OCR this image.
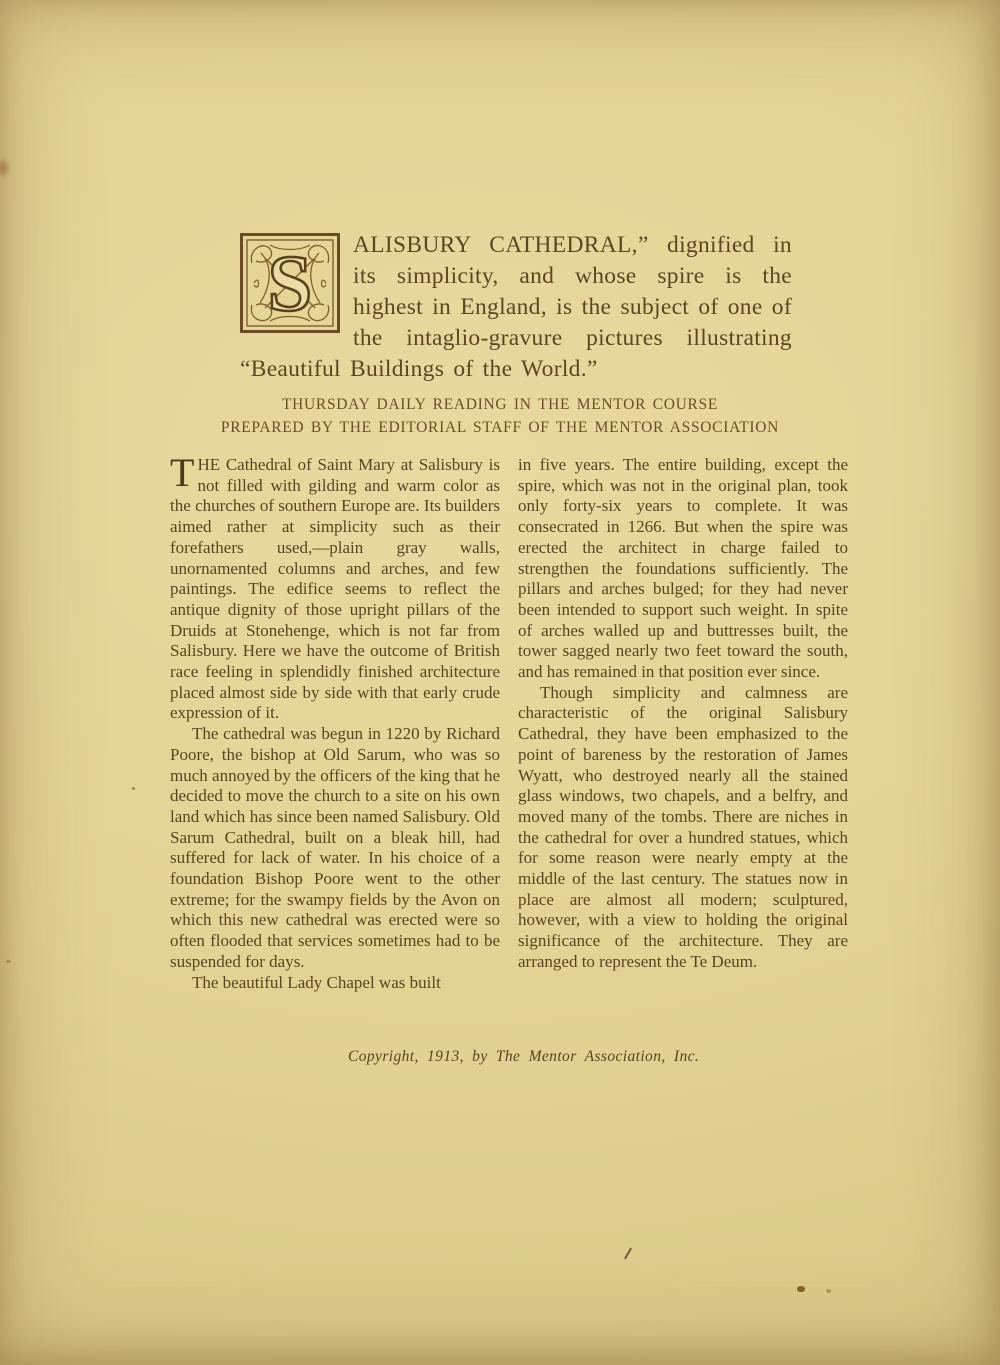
S ALISBURY CATHEDRAL,” dignified in its simplicity, and whose spire is the highest in England, is the subject of one of the intaglio-gravure pictures illustrating “Beautiful Buildings of the World.”
THURSDAY DAILY READING IN THE MENTOR COURSE
PREPARED BY THE EDITORIAL STAFF OF THE MENTOR ASSOCIATION

THE Cathedral of Saint Mary at Salisbury is not filled with gilding and warm color as the churches of southern Europe are. Its builders aimed rather at simplicity such as their forefathers used,—plain gray walls, unornamented columns and arches, and few paintings. The edifice seems to reflect the antique dignity of those upright pillars of the Druids at Stonehenge, which is not far from Salisbury. Here we have the outcome of British race feeling in splendidly finished architecture placed almost side by side with that early crude expression of it.

The cathedral was begun in 1220 by Richard Poore, the bishop at Old Sarum, who was so much annoyed by the officers of the king that he decided to move the church to a site on his own land which has since been named Salisbury. Old Sarum Cathedral, built on a bleak hill, had suffered for lack of water. In his choice of a foundation Bishop Poore went to the other extreme; for the swampy fields by the Avon on which this new cathedral was erected were so often flooded that services sometimes had to be suspended for days.

The beautiful Lady Chapel was built

in five years. The entire building, except the spire, which was not in the original plan, took only forty-six years to complete. It was consecrated in 1266. But when the spire was erected the architect in charge failed to strengthen the foundations sufficiently. The pillars and arches bulged; for they had never been intended to support such weight. In spite of arches walled up and buttresses built, the tower sagged nearly two feet toward the south, and has remained in that position ever since.

Though simplicity and calmness are characteristic of the original Salisbury Cathedral, they have been emphasized to the point of bareness by the restoration of James Wyatt, who destroyed nearly all the stained glass windows, two chapels, and a belfry, and moved many of the tombs. There are niches in the cathedral for over a hundred statues, which for some reason were nearly empty at the middle of the last century. The statues now in place are almost all modern; sculptured, however, with a view to holding the original significance of the architecture. They are arranged to represent the Te Deum.

Copyright, 1913, by The Mentor Association, Inc.
